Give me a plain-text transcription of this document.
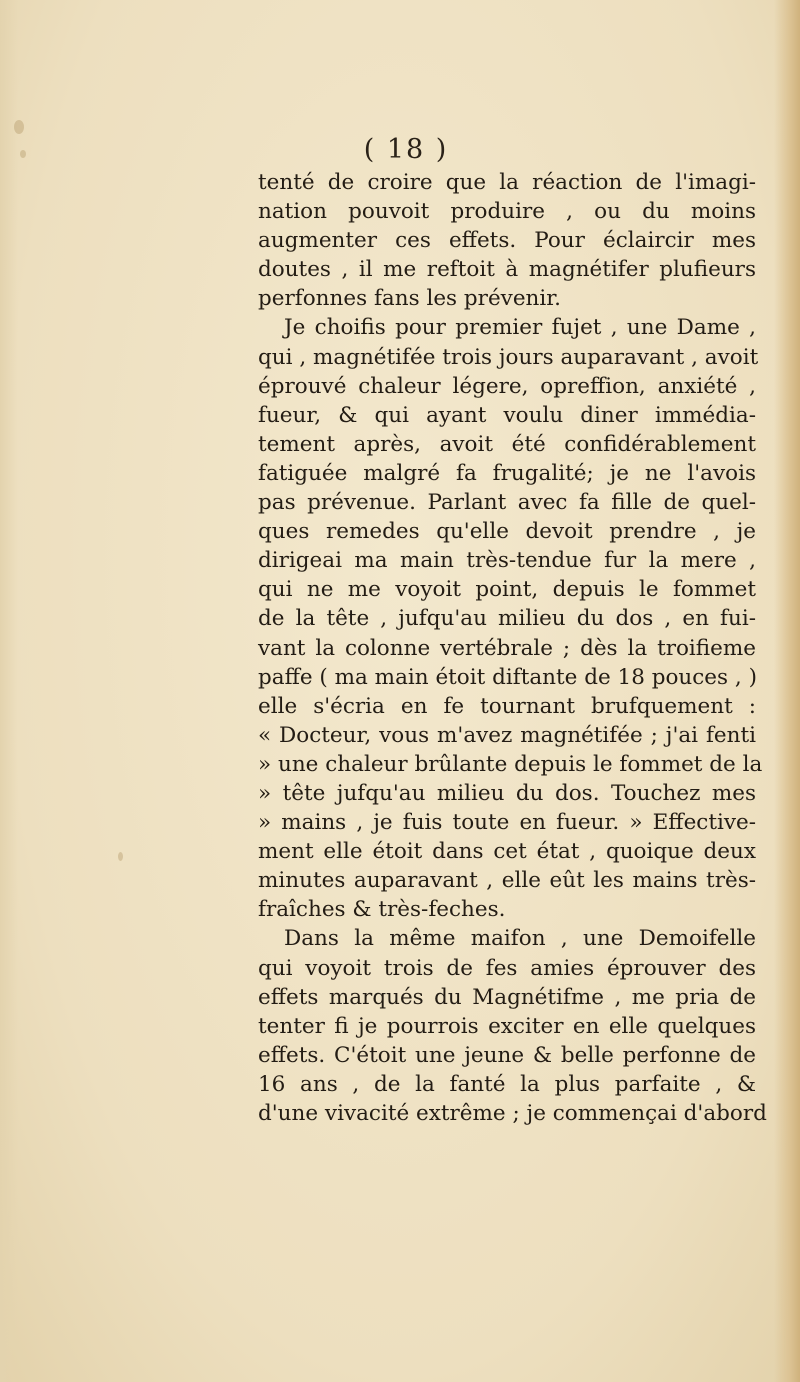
( 18 )
tenté de croire que la réaction de l'imagi-
nation pouvoit produire , ou du moins
augmenter ces effets. Pour éclaircir mes
doutes , il me reftoit à magnétifer plufieurs
perfonnes fans les prévenir.
Je choifis pour premier fujet , une Dame ,
qui , magnétifée trois jours auparavant , avoit
éprouvé chaleur légere, opreffion, anxiété ,
fueur, & qui ayant voulu diner immédia-
tement après, avoit été confidérablement
fatiguée malgré fa frugalité; je ne l'avois
pas prévenue. Parlant avec fa fille de quel-
ques remedes qu'elle devoit prendre , je
dirigeai ma main très-tendue fur la mere ,
qui ne me voyoit point, depuis le fommet
de la tête , jufqu'au milieu du dos , en fui-
vant la colonne vertébrale ; dès la troifieme
paffe ( ma main étoit diftante de 18 pouces , )
elle s'écria en fe tournant brufquement :
« Docteur, vous m'avez magnétifée ; j'ai fenti
» une chaleur brûlante depuis le fommet de la
» tête jufqu'au milieu du dos. Touchez mes
» mains , je fuis toute en fueur. » Effective-
ment elle étoit dans cet état , quoique deux
minutes auparavant , elle eût les mains très-
fraîches & très-feches.
Dans la même maifon , une Demoifelle
qui voyoit trois de fes amies éprouver des
effets marqués du Magnétifme , me pria de
tenter fi je pourrois exciter en elle quelques
effets. C'étoit une jeune & belle perfonne de
16 ans , de la fanté la plus parfaite , &
d'une vivacité extrême ; je commençai d'abord
